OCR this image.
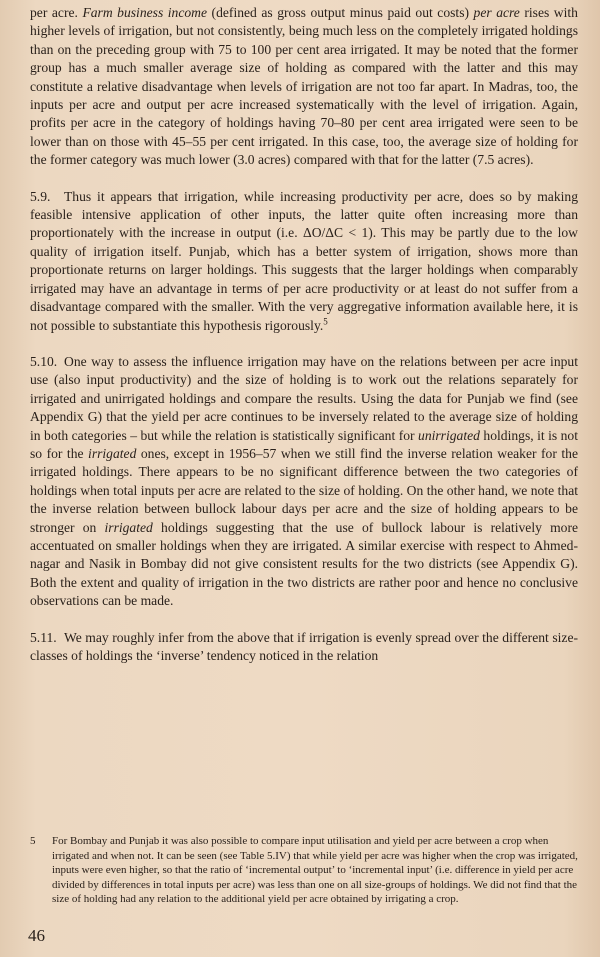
per acre. Farm business income (defined as gross output minus paid out costs) per acre rises with higher levels of irrigation, but not consistently, being much less on the completely irrigated holdings than on the preceding group with 75 to 100 per cent area irrigated. It may be noted that the former group has a much smaller average size of holding as compared with the latter and this may constitute a relative disadvantage when levels of irrigation are not too far apart. In Madras, too, the inputs per acre and output per acre increased systematically with the level of irrigation. Again, profits per acre in the category of holdings having 70–80 per cent area irrigated were seen to be lower than on those with 45–55 per cent irrigated. In this case, too, the average size of holding for the former category was much lower (3.0 acres) compared with that for the latter (7.5 acres).

5.9. Thus it appears that irrigation, while increasing productivity per acre, does so by making feasible intensive application of other inputs, the latter quite often increasing more than proportionately with the increase in output (i.e. ΔO/ΔC < 1). This may be partly due to the low quality of irrigation itself. Punjab, which has a better system of irrigation, shows more than proportionate returns on larger holdings. This suggests that the larger holdings when comparably irrigated may have an advantage in terms of per acre productivity or at least do not suffer from a disadvantage compared with the smaller. With the very aggregative information available here, it is not possible to substantiate this hypothesis rigorously.$^5$

5.10. One way to assess the influence irrigation may have on the relations between per acre input use (also input productivity) and the size of holding is to work out the relations separately for irrigated and unirrigated holdings and compare the results. Using the data for Punjab we find (see Appendix G) that the yield per acre continues to be inversely related to the average size of holding in both categories – but while the relation is statistically significant for unirrigated holdings, it is not so for the irrigated ones, except in 1956–57 when we still find the inverse relation weaker for the irrigated holdings. There appears to be no significant difference between the two categories of holdings when total inputs per acre are related to the size of holding. On the other hand, we note that the inverse relation between bullock labour days per acre and the size of holding appears to be stronger on irrigated holdings suggesting that the use of bullock labour is relatively more accentuated on smaller holdings when they are irrigated. A similar exercise with respect to Ahmednagar and Nasik in Bombay did not give consistent results for the two districts (see Appendix G). Both the extent and quality of irrigation in the two districts are rather poor and hence no conclusive observations can be made.

5.11. We may roughly infer from the above that if irrigation is evenly spread over the different size-classes of holdings the ‘inverse’ tendency noticed in the relation

5 For Bombay and Punjab it was also possible to compare input utilisation and yield per acre between a crop when irrigated and when not. It can be seen (see Table 5.IV) that while yield per acre was higher when the crop was irrigated, inputs were even higher, so that the ratio of ‘incremental output’ to ‘incremental input’ (i.e. difference in yield per acre divided by differences in total inputs per acre) was less than one on all size-groups of holdings. We did not find that the size of holding had any relation to the additional yield per acre obtained by irrigating a crop.
46
